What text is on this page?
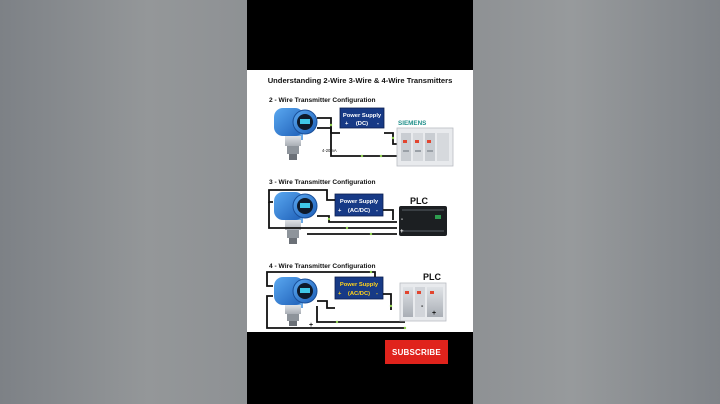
Understanding 2-Wire 3-Wire & 4-Wire Transmitters
2 - Wire Transmitter Configuration
Power Supply
(DC)
+	-
4-20mA
SIEMENS
3 - Wire Transmitter Configuration
Power Supply
(AC/DC)
+	-
PLC
-
+
4 - Wire Transmitter Configuration
Power Supply
(AC/DC)
+	-
+
PLC
-
+
SUBSCRIBE
